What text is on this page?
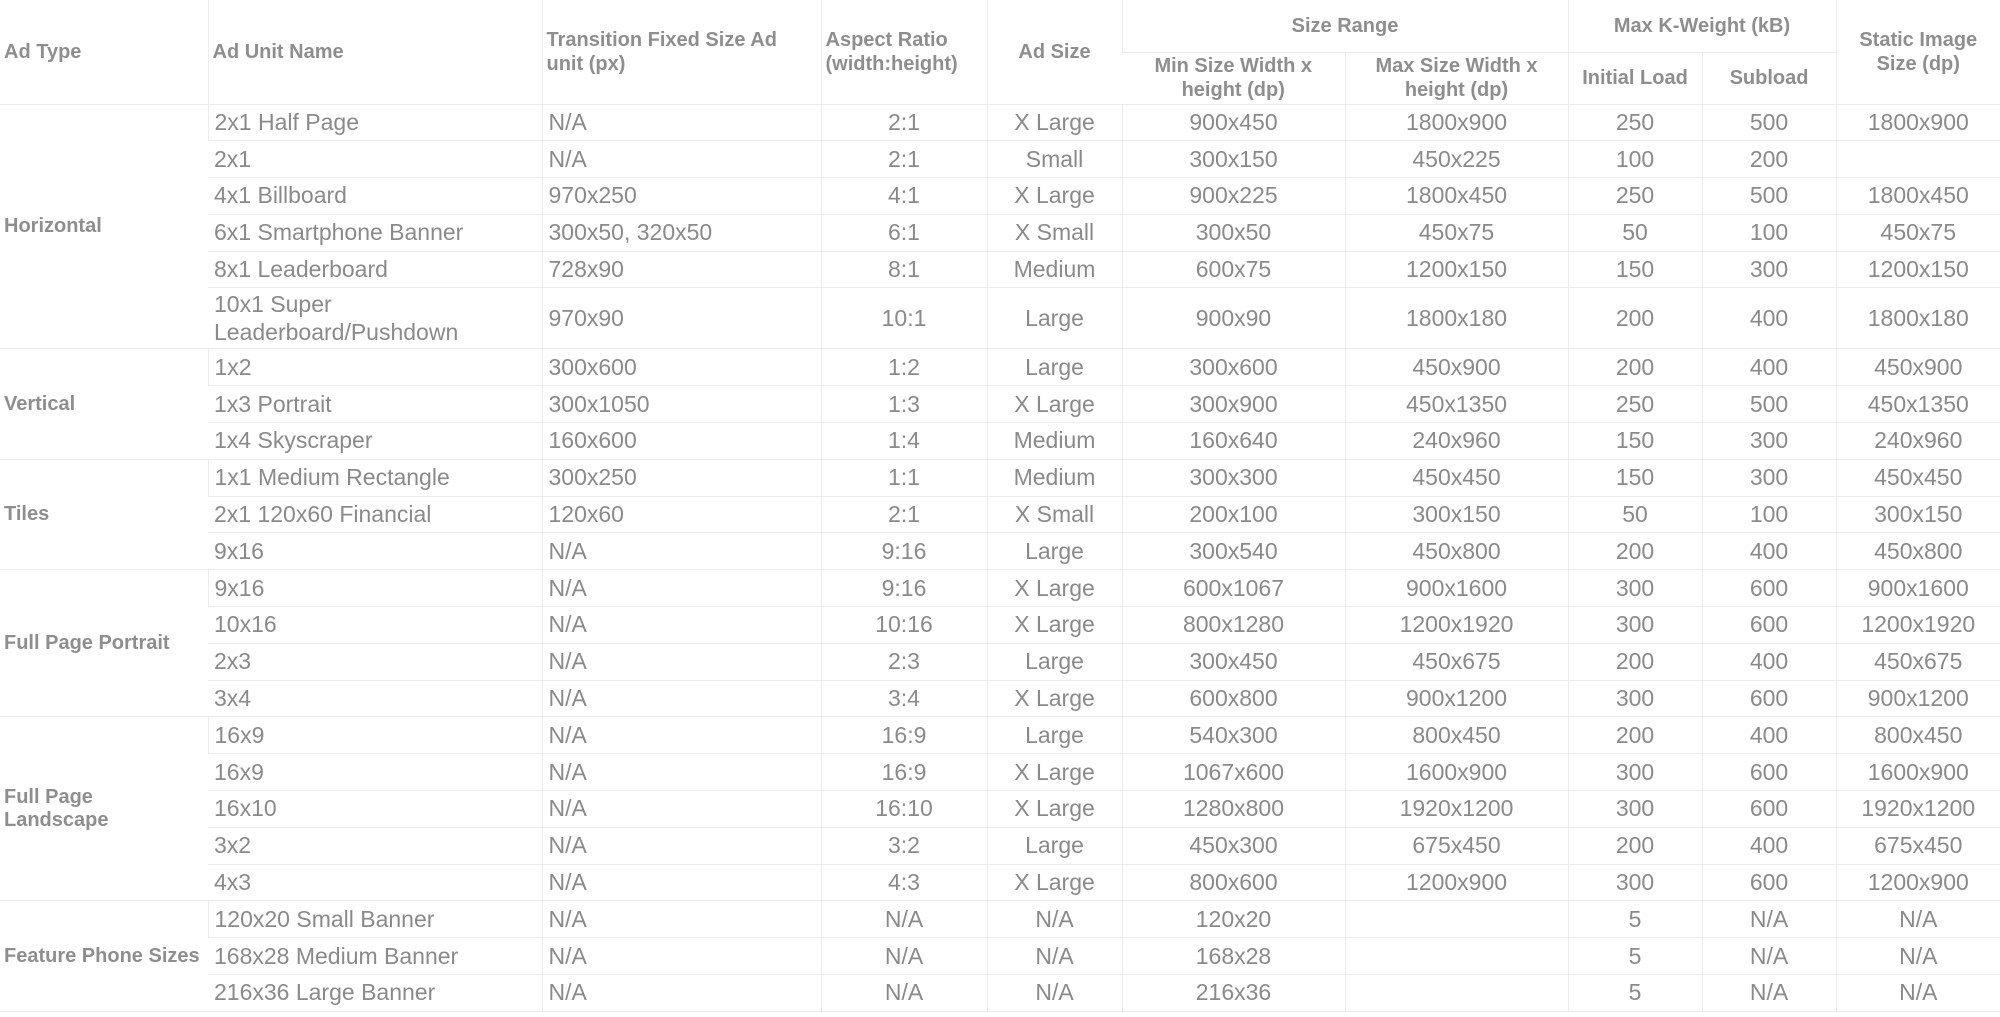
Ad Type	Ad Unit Name	Transition Fixed Size Ad unit (px)	Aspect Ratio (width:height)	Ad Size	Size Range		Max K-Weight (kB)		Static Image Size (dp)
					Min Size Width x height (dp)	Max Size Width x height (dp)	Initial Load	Subload	
Horizontal	2x1 Half Page	N/A	2:1	X Large	900x450	1800x900	250	500	1800x900
	2x1	N/A	2:1	Small	300x150	450x225	100	200	
	4x1 Billboard	970x250	4:1	X Large	900x225	1800x450	250	500	1800x450
	6x1 Smartphone Banner	300x50, 320x50	6:1	X Small	300x50	450x75	50	100	450x75
	8x1 Leaderboard	728x90	8:1	Medium	600x75	1200x150	150	300	1200x150
	10x1 Super Leaderboard/Pushdown	970x90	10:1	Large	900x90	1800x180	200	400	1800x180
Vertical	1x2	300x600	1:2	Large	300x600	450x900	200	400	450x900
	1x3 Portrait	300x1050	1:3	X Large	300x900	450x1350	250	500	450x1350
	1x4 Skyscraper	160x600	1:4	Medium	160x640	240x960	150	300	240x960
Tiles	1x1 Medium Rectangle	300x250	1:1	Medium	300x300	450x450	150	300	450x450
	2x1 120x60 Financial	120x60	2:1	X Small	200x100	300x150	50	100	300x150
	9x16	N/A	9:16	Large	300x540	450x800	200	400	450x800
Full Page Portrait	9x16	N/A	9:16	X Large	600x1067	900x1600	300	600	900x1600
	10x16	N/A	10:16	X Large	800x1280	1200x1920	300	600	1200x1920
	2x3	N/A	2:3	Large	300x450	450x675	200	400	450x675
	3x4	N/A	3:4	X Large	600x800	900x1200	300	600	900x1200
Full Page Landscape	16x9	N/A	16:9	Large	540x300	800x450	200	400	800x450
	16x9	N/A	16:9	X Large	1067x600	1600x900	300	600	1600x900
	16x10	N/A	16:10	X Large	1280x800	1920x1200	300	600	1920x1200
	3x2	N/A	3:2	Large	450x300	675x450	200	400	675x450
	4x3	N/A	4:3	X Large	800x600	1200x900	300	600	1200x900
Feature Phone Sizes	120x20 Small Banner	N/A	N/A	N/A	120x20		5	N/A	N/A
	168x28 Medium Banner	N/A	N/A	N/A	168x28		5	N/A	N/A
	216x36 Large Banner	N/A	N/A	N/A	216x36		5	N/A	N/A
